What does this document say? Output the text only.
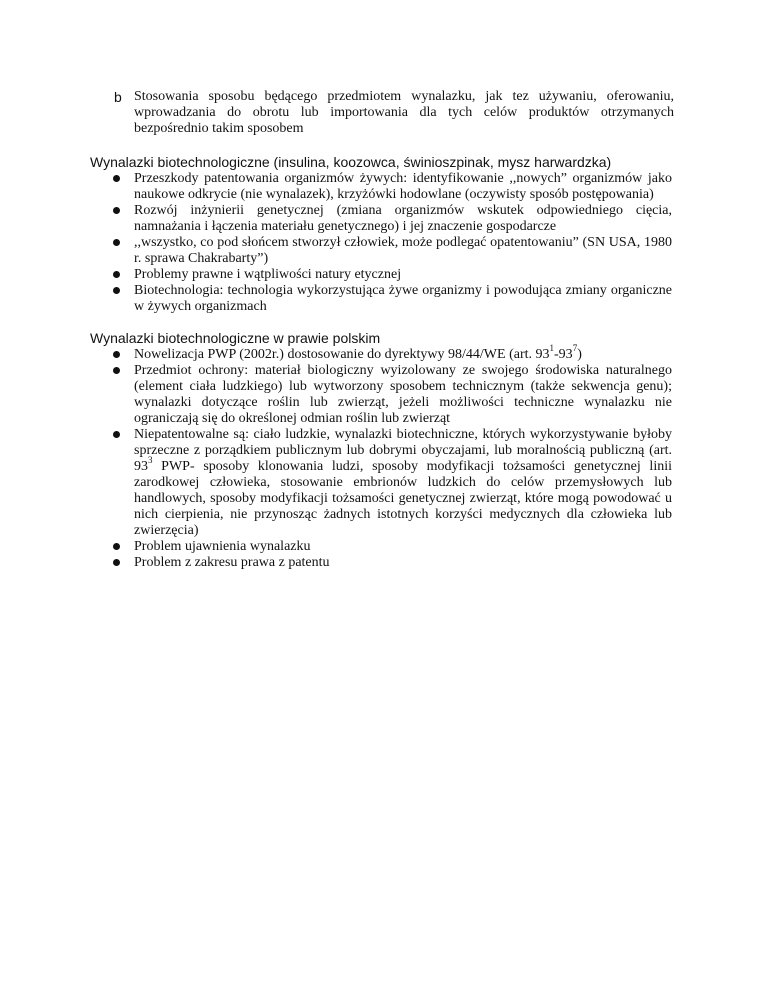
b Stosowania sposobu będącego przedmiotem wynalazku, jak tez używaniu, oferowaniu, wprowadzania do obrotu lub importowania dla tych celów produktów otrzymanych bezpośrednio takim sposobem
Wynalazki biotechnologiczne (insulina, koozowca, świnioszpinak, mysz harwardzka)
Przeszkody patentowania organizmów żywych: identyfikowanie ,,nowych” organizmów jako naukowe odkrycie (nie wynalazek), krzyżówki hodowlane (oczywisty sposób postępowania)
Rozwój inżynierii genetycznej (zmiana organizmów wskutek odpowiedniego cięcia, namnażania i łączenia materiału genetycznego) i jej znaczenie gospodarcze
,,wszystko, co pod słońcem stworzył człowiek, może podlegać opatentowaniu” (SN USA, 1980 r. sprawa Chakrabarty”)
Problemy prawne i wątpliwości natury etycznej
Biotechnologia: technologia wykorzystująca żywe organizmy i powodująca zmiany organiczne w żywych organizmach
Wynalazki biotechnologiczne w prawie polskim
Nowelizacja PWP (2002r.) dostosowanie do dyrektywy 98/44/WE (art. $93^1-93^7$)
Przedmiot ochrony: materiał biologiczny wyizolowany ze swojego środowiska naturalnego (element ciała ludzkiego) lub wytworzony sposobem technicznym (także sekwencja genu); wynalazki dotyczące roślin lub zwierząt, jeżeli możliwości techniczne wynalazku nie ograniczają się do określonej odmian roślin lub zwierząt
Niepatentowalne są: ciało ludzkie, wynalazki biotechniczne, których wykorzystywanie byłoby sprzeczne z porządkiem publicznym lub dobrymi obyczajami, lub moralnością publiczną (art. $93^3$ PWP- sposoby klonowania ludzi, sposoby modyfikacji tożsamości genetycznej linii zarodkowej człowieka, stosowanie embrionów ludzkich do celów przemysłowych lub handlowych, sposoby modyfikacji tożsamości genetycznej zwierząt, które mogą powodować u nich cierpienia, nie przynosząc żadnych istotnych korzyści medycznych dla człowieka lub zwierzęcia)
Problem ujawnienia wynalazku
Problem z zakresu prawa z patentu
